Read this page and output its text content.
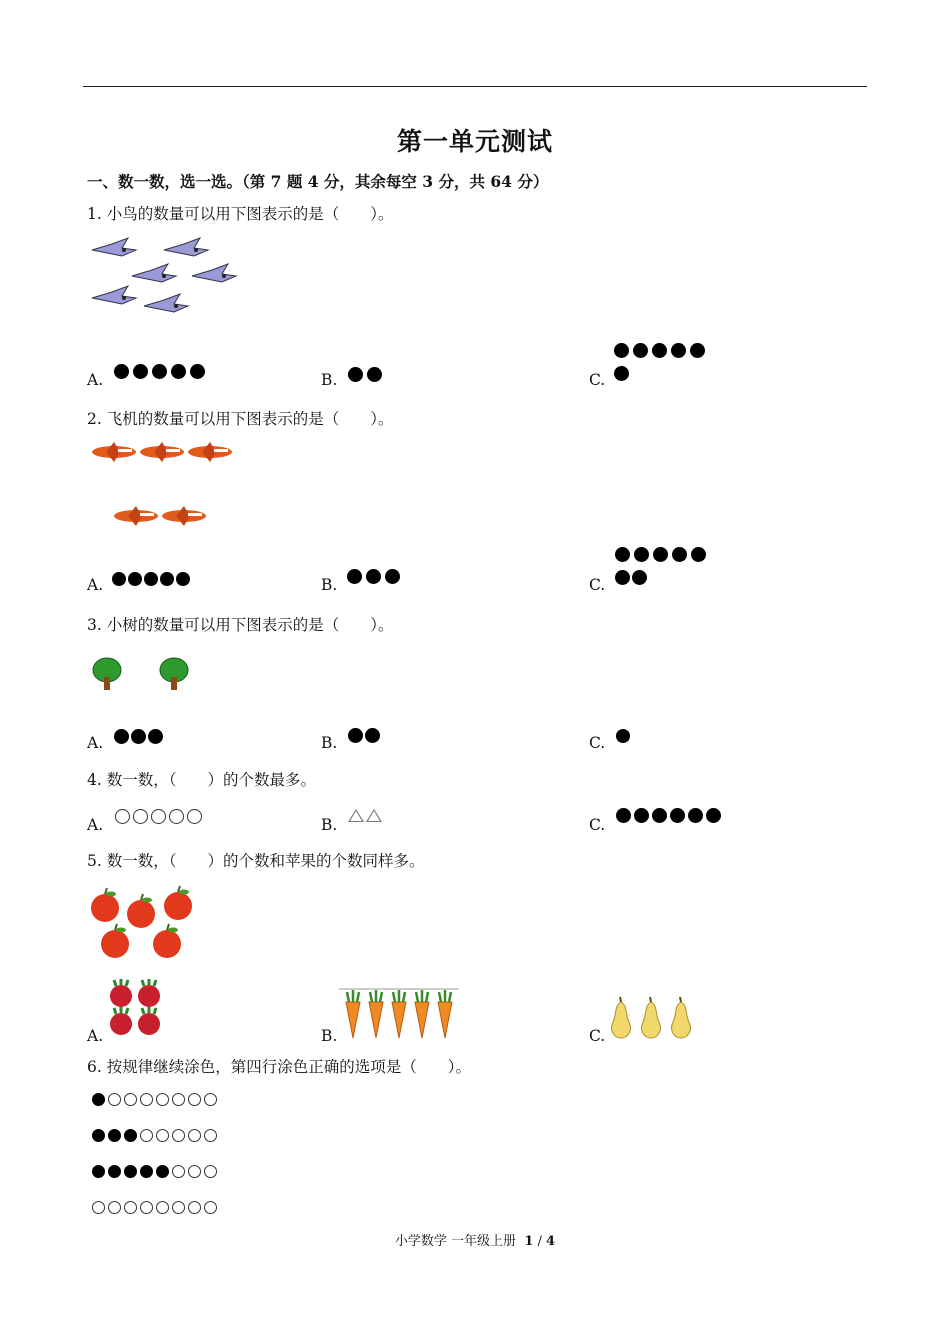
第一单元测试
一、数一数，选一选。（第 7 题 4 分，其余每空 3 分，共 64 分）
1. 小鸟的数量可以用下图表示的是（　　）。
A.	B.	C.
2. 飞机的数量可以用下图表示的是（　　）。
A.	B.	C.
3. 小树的数量可以用下图表示的是（　　）。
A.	B.	C.
4. 数一数，（　　）的个数最多。
A.	B.	C.
5. 数一数，（　　）的个数和苹果的个数同样多。
A.	B.	C.
6. 按规律继续涂色，第四行涂色正确的选项是（　　）。
小学数学 一年级上册 1 / 4
